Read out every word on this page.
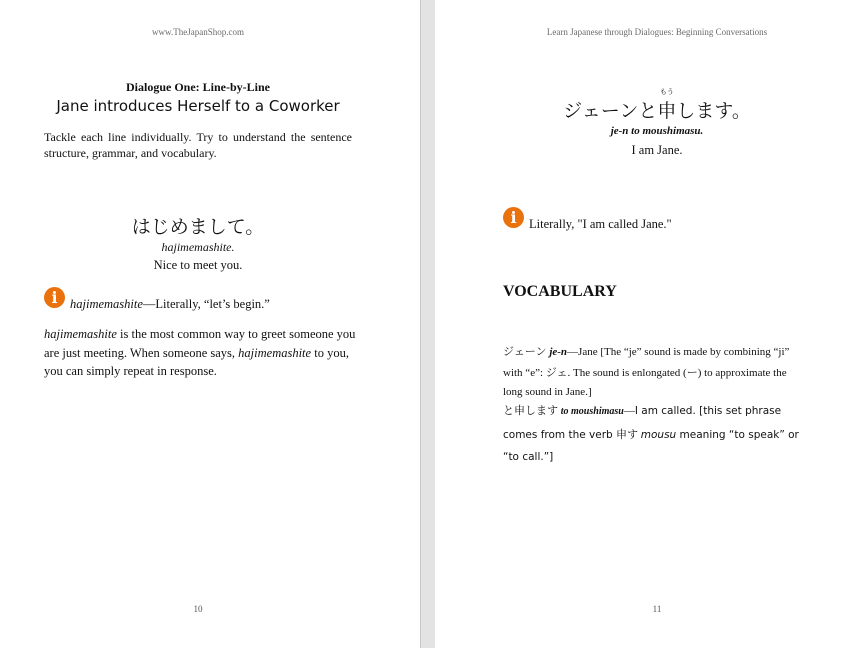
www.TheJapanShop.com
Dialogue One: Line-by-Line
Jane introduces Herself to a Coworker

Tackle each line individually. Try to understand the sentence structure, grammar, and vocabulary.

はじめまして。
hajimemashite.
Nice to meet you.
i hajimemashite—Literally, “let’s begin.”

hajimemashite is the most common way to greet someone you are just meeting. When someone says, hajimemashite to you, you can simply repeat in response.

10
Learn Japanese through Dialogues: Beginning Conversations
ジェーンと
もう
申します。
je-n to moushimasu.
I am Jane.
i Literally, "I am called Jane."
VOCABULARY

ジェーン je-n—Jane [The “je” sound is made by combining “ji” with “e”: ジェ. The sound is enlongated (ー) to approximate the long sound in Jane.]

と申します to moushimasu—I am called. [this set phrase comes from the verb 申す mousu meaning “to speak” or “to call.”]

11
